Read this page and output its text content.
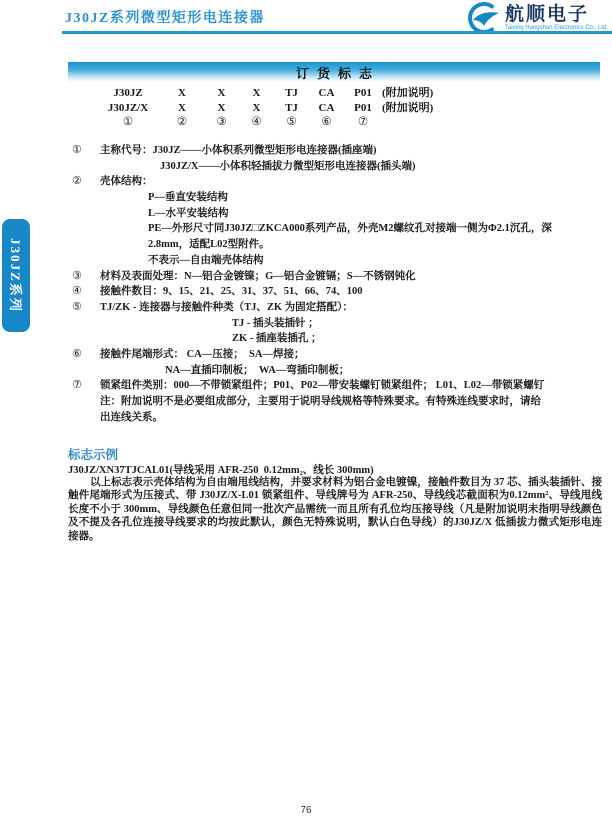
J30JZ系列微型矩形电连接器	航顺电子
Taixing Hangshun Electronics Co., Ltd.
J30JZ系列
订货标志
J30JZ	X	X	X	TJ	CA	P01 (附加说明)
J30JZ/X	X	X	X	TJ	CA	P01 (附加说明)
①	②	③	④	⑤	⑥	⑦
①	主称代号：J30JZ——小体积系列微型矩形电连接器(插座端)
J30JZ/X——小体积轻插拔力微型矩形电连接器(插头端)
②	壳体结构：
P—垂直安装结构
L—水平安装结构
PE—外形尺寸同J30JZ□ZKCA000系列产品，外壳M2螺纹孔对接端一侧为Φ2.1沉孔，深
2.8mm，适配L02型附件。
不表示—自由端壳体结构
③	材料及表面处理：N—铝合金镀镍；G—铝合金镀镉；S—不锈钢钝化
④	接触件数目：9、15、21、25、31、37、51、66、74、100
⑤	TJ/ZK - 连接器与接触件种类（TJ、ZK 为固定搭配）：
TJ - 插头装插针 ；
ZK - 插座装插孔 ；
⑥	接触件尾端形式： CA—压接；  SA—焊接；
NA—直插印制板；  WA—弯插印制板；
⑦	锁紧组件类别：000—不带锁紧组件；P01、P02—带安装螺钉锁紧组件； L01、L02—带锁紧螺钉
注：附加说明不是必要组成部分，主要用于说明导线规格等特殊要求。有特殊连线要求时，请给
出连线关系。
标志示例
J30JZ/XN37TJCAL01(导线采用 AFR-250  0.12mm₂、线长 300mm)

以上标志表示壳体结构为自由端甩线结构，并要求材料为铝合金电镀镍，接触件数目为 37 芯、插头装插针、接触件尾端形式为压接式、带 J30JZ/X-L01 锁紧组件、导线牌号为 AFR-250、导线线芯截面积为0.12mm²、导线甩线长度不小于 300mm、导线颜色任意但同一批次产品需统一而且所有孔位均压接导线（凡是附加说明未指明导线颜色及不提及各孔位连接导线要求的均按此默认，颜色无特殊说明，默认白色导线）的J30JZ/X 低插拔力微式矩形电连接器。

76
